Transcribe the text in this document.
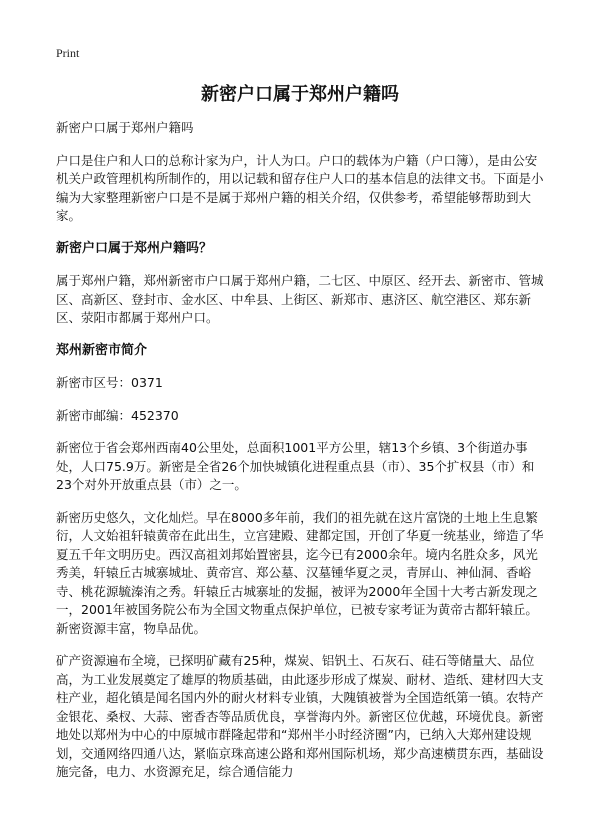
Print
新密户口属于郑州户籍吗

新密户口属于郑州户籍吗

户口是住户和人口的总称计家为户，计人为口。户口的载体为户籍（户口簿），是由公安机关户政管理机构所制作的，用以记载和留存住户人口的基本信息的法律文书。下面是小编为大家整理新密户口是不是属于郑州户籍的相关介绍，仅供参考，希望能够帮助到大家。

新密户口属于郑州户籍吗？

属于郑州户籍，郑州新密市户口属于郑州户籍，二七区、中原区、经开去、新密市、管城区、高新区、登封市、金水区、中牟县、上街区、新郑市、惠济区、航空港区、郑东新区、荥阳市都属于郑州户口。

郑州新密市简介

新密市区号：0371

新密市邮编：452370

新密位于省会郑州西南40公里处，总面积1001平方公里，辖13个乡镇、3个街道办事处，人口75.9万。新密是全省26个加快城镇化进程重点县（市）、35个扩权县（市）和23个对外开放重点县（市）之一。

新密历史悠久，文化灿烂。早在8000多年前，我们的祖先就在这片富饶的土地上生息繁衍，人文始祖轩辕黄帝在此出生，立宫建殿、建都定国，开创了华夏一统基业，缔造了华夏五千年文明历史。西汉高祖刘邦始置密县，迄今已有2000余年。境内名胜众多，风光秀美，轩辕丘古城寨城址、黄帝宫、郑公墓、汉墓锺华夏之灵，青屏山、神仙洞、香峪寺、桃花源毓溱洧之秀。轩辕丘古城寨址的发掘，被评为2000年全国十大考古新发现之一，2001年被国务院公布为全国文物重点保护单位，已被专家考证为黄帝古都轩辕丘。新密资源丰富，物阜品优。

矿产资源遍布全境，已探明矿藏有25种，煤炭、铝钒土、石灰石、硅石等储量大、品位高，为工业发展奠定了雄厚的物质基础，由此逐步形成了煤炭、耐材、造纸、建材四大支柱产业，超化镇是闻名国内外的耐火材料专业镇，大隗镇被誉为全国造纸第一镇。农特产金银花、桑杈、大蒜、密香杏等品质优良，享誉海内外。新密区位优越，环境优良。新密地处以郑州为中心的中原城市群隆起带和“郑州半小时经济圈”内，已纳入大郑州建设规划，交通网络四通八达，紧临京珠高速公路和郑州国际机场，郑少高速横贯东西，基础设施完备，电力、水资源充足，综合通信能力
